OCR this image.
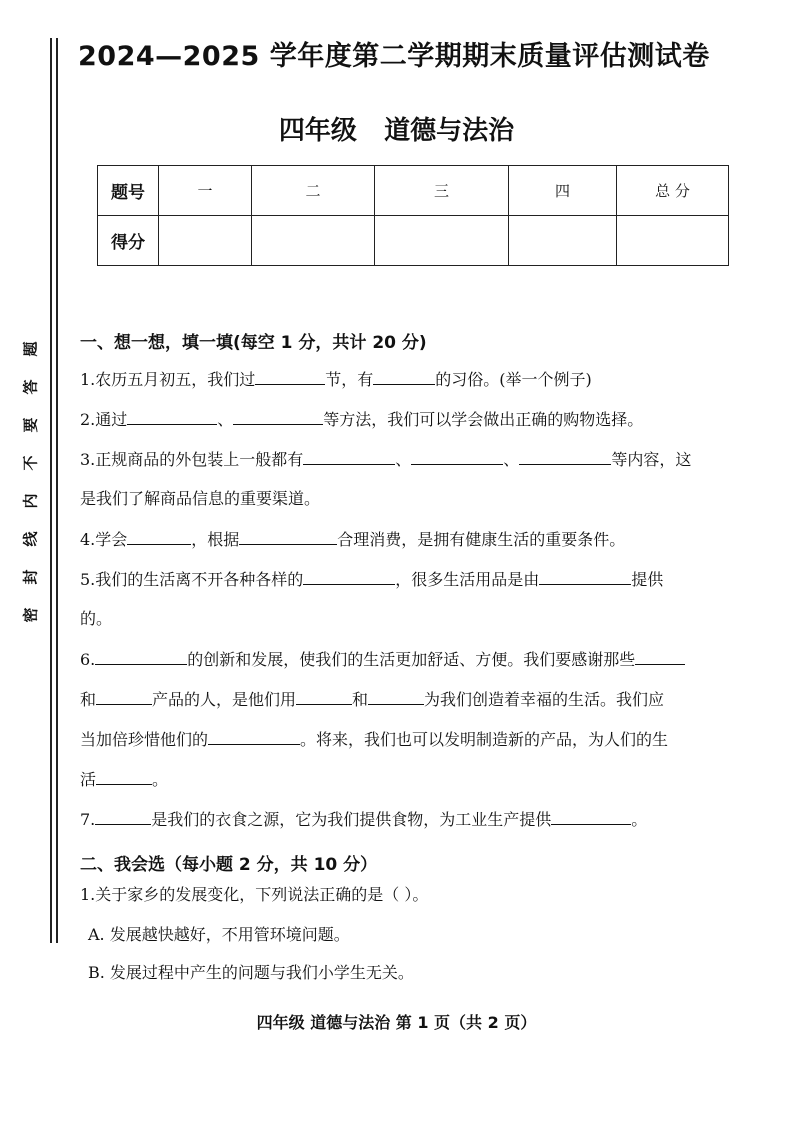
题
答
要
不
内
线
封
密
2024—2025 学年度第二学期期末质量评估测试卷
四年级   道德与法治
题号	一	二	三	四	总 分
得分					
一、想一想，填一填(每空 1 分，共计 20 分)
1.农历五月初五，我们过	节，有	的习俗。(举一个例子)
2.通过	、	等方法，我们可以学会做出正确的购物选择。
3.正规商品的外包装上一般都有	、	、	等内容，这
是我们了解商品信息的重要渠道。
4.学会	，根据	合理消费，是拥有健康生活的重要条件。
5.我们的生活离不开各种各样的	，很多生活用品是由	提供
的。
6.	的创新和发展，使我们的生活更加舒适、方便。我们要感谢那些
和	产品的人，是他们用	和	为我们创造着幸福的生活。我们应
当加倍珍惜他们的	。将来，我们也可以发明制造新的产品，为人们的生
活	。
7.	是我们的衣食之源，它为我们提供食物，为工业生产提供	。
二、我会选（每小题 2 分，共 10 分）
1.关于家乡的发展变化，下列说法正确的是（ ）。
A. 发展越快越好，不用管环境问题。
B. 发展过程中产生的问题与我们小学生无关。
四年级 道德与法治 第 1 页（共 2 页）
